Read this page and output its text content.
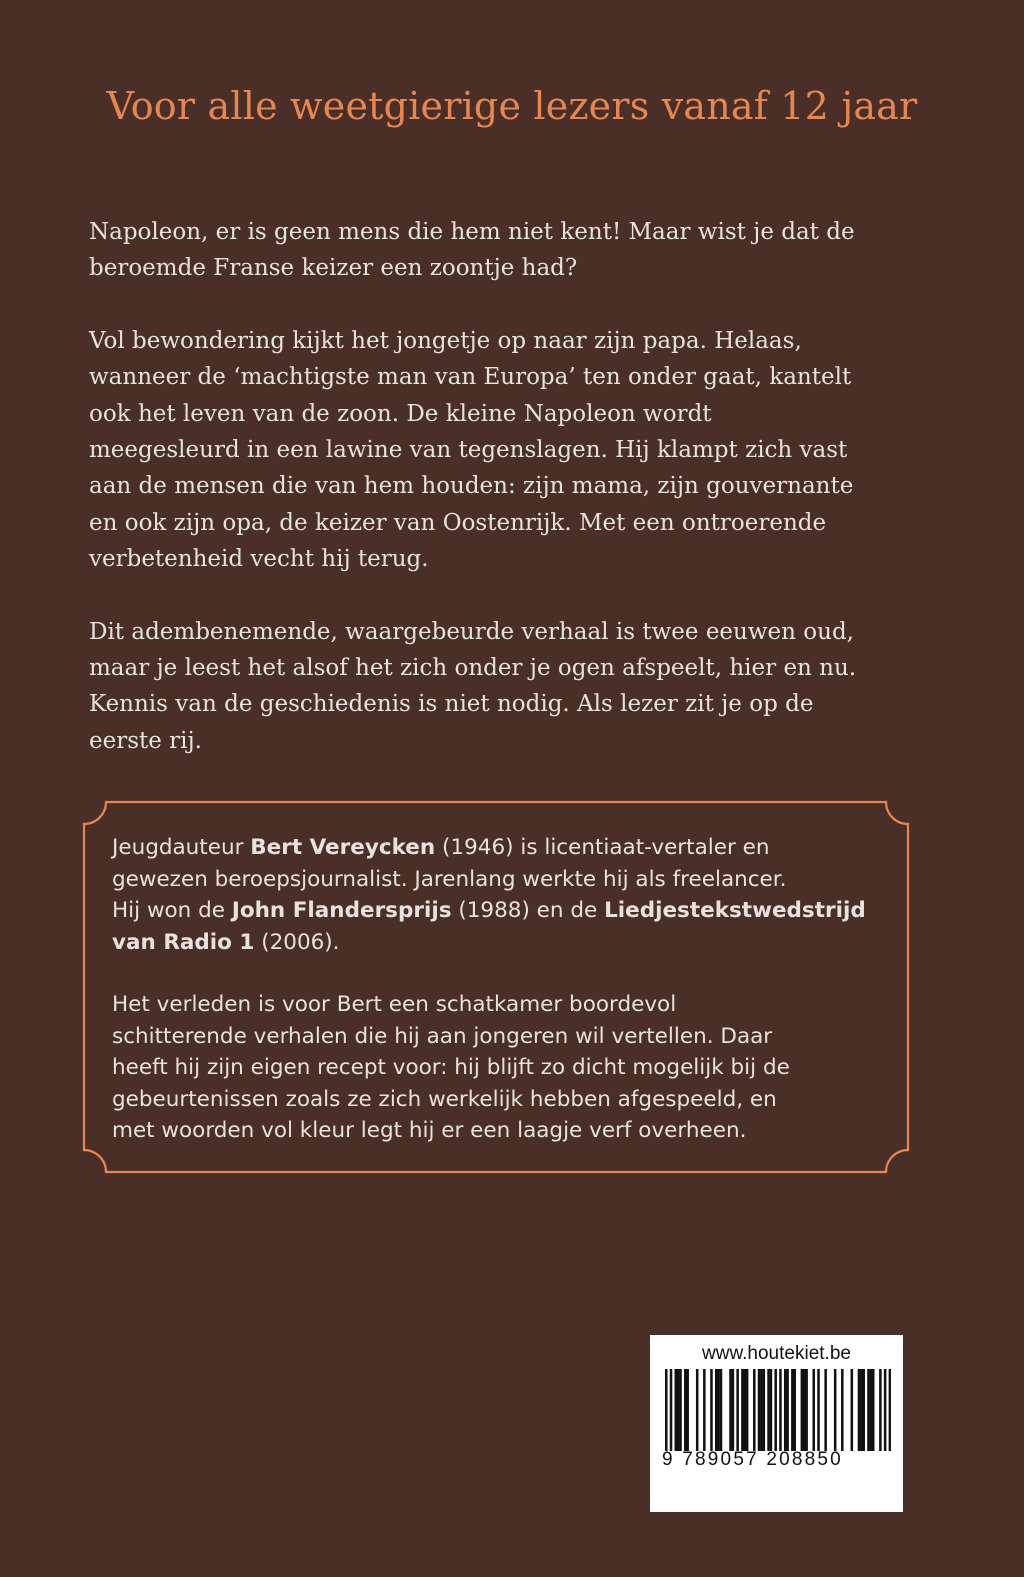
Voor alle weetgierige lezers vanaf 12 jaar

Napoleon, er is geen mens die hem niet kent! Maar wist je dat de
beroemde Franse keizer een zoontje had?

Vol bewondering kijkt het jongetje op naar zijn papa. Helaas,
wanneer de ‘machtigste man van Europa’ ten onder gaat, kantelt
ook het leven van de zoon. De kleine Napoleon wordt
meegesleurd in een lawine van tegenslagen. Hij klampt zich vast
aan de mensen die van hem houden: zijn mama, zijn gouvernante
en ook zijn opa, de keizer van Oostenrijk. Met een ontroerende
verbetenheid vecht hij terug.

Dit adembenemende, waargebeurde verhaal is twee eeuwen oud,
maar je leest het alsof het zich onder je ogen afspeelt, hier en nu.
Kennis van de geschiedenis is niet nodig. Als lezer zit je op de
eerste rij.

Jeugdauteur Bert Vereycken (1946) is licentiaat-vertaler en
gewezen beroepsjournalist. Jarenlang werkte hij als freelancer.
Hij won de John Flandersprijs (1988) en de Liedjestekstwedstrijd
van Radio 1 (2006).

Het verleden is voor Bert een schatkamer boordevol
schitterende verhalen die hij aan jongeren wil vertellen. Daar
heeft hij zijn eigen recept voor: hij blijft zo dicht mogelijk bij de
gebeurtenissen zoals ze zich werkelijk hebben afgespeeld, en
met woorden vol kleur legt hij er een laagje verf overheen.

www.houtekiet.be
9 789057 208850
